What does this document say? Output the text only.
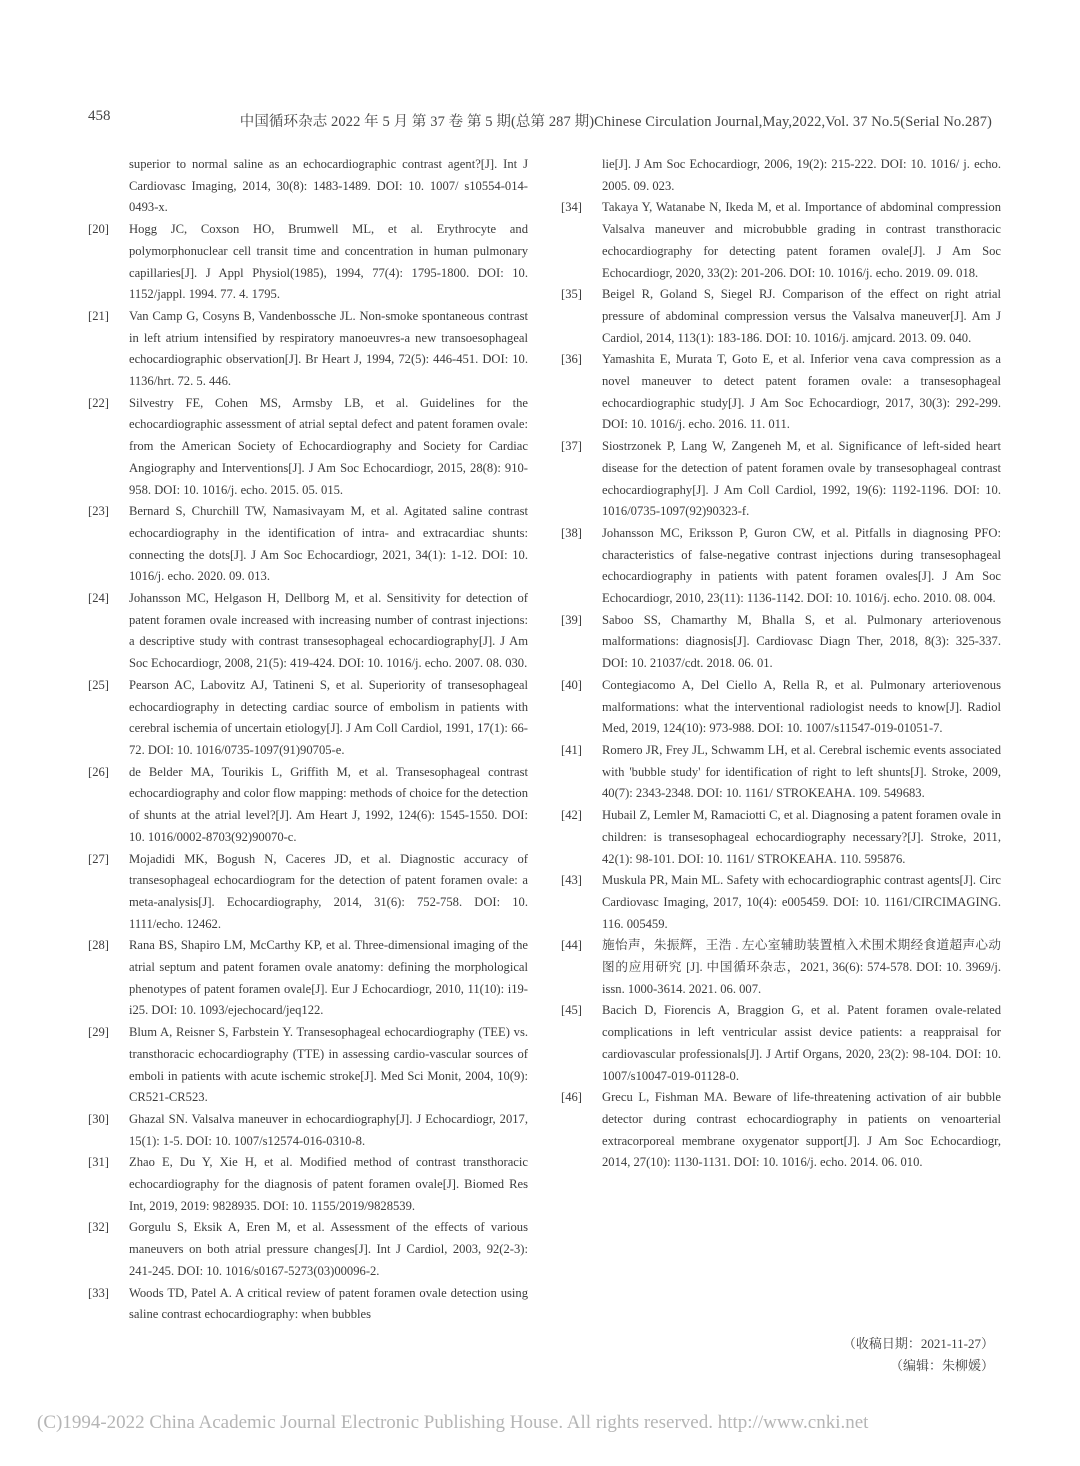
458	中国循环杂志 2022 年 5 月 第 37 卷 第 5 期(总第 287 期)Chinese Circulation Journal,May,2022,Vol. 37 No.5(Serial No.287)
superior to normal saline as an echocardiographic contrast agent?[J]. Int J Cardiovasc Imaging, 2014, 30(8): 1483-1489. DOI: 10. 1007/ s10554-014-0493-x.
[20] Hogg JC, Coxson HO, Brumwell ML, et al. Erythrocyte and polymorphonuclear cell transit time and concentration in human pulmonary capillaries[J]. J Appl Physiol(1985), 1994, 77(4): 1795-1800. DOI: 10. 1152/jappl. 1994. 77. 4. 1795.
[21] Van Camp G, Cosyns B, Vandenbossche JL. Non-smoke spontaneous contrast in left atrium intensified by respiratory manoeuvres-a new transoesophageal echocardiographic observation[J]. Br Heart J, 1994, 72(5): 446-451. DOI: 10. 1136/hrt. 72. 5. 446.
[22] Silvestry FE, Cohen MS, Armsby LB, et al. Guidelines for the echocardiographic assessment of atrial septal defect and patent foramen ovale: from the American Society of Echocardiography and Society for Cardiac Angiography and Interventions[J]. J Am Soc Echocardiogr, 2015, 28(8): 910-958. DOI: 10. 1016/j. echo. 2015. 05. 015.
[23] Bernard S, Churchill TW, Namasivayam M, et al. Agitated saline contrast echocardiography in the identification of intra- and extracardiac shunts: connecting the dots[J]. J Am Soc Echocardiogr, 2021, 34(1): 1-12. DOI: 10. 1016/j. echo. 2020. 09. 013.
[24] Johansson MC, Helgason H, Dellborg M, et al. Sensitivity for detection of patent foramen ovale increased with increasing number of contrast injections: a descriptive study with contrast transesophageal echocardiography[J]. J Am Soc Echocardiogr, 2008, 21(5): 419-424. DOI: 10. 1016/j. echo. 2007. 08. 030.
[25] Pearson AC, Labovitz AJ, Tatineni S, et al. Superiority of transesophageal echocardiography in detecting cardiac source of embolism in patients with cerebral ischemia of uncertain etiology[J]. J Am Coll Cardiol, 1991, 17(1): 66-72. DOI: 10. 1016/0735-1097(91)90705-e.
[26] de Belder MA, Tourikis L, Griffith M, et al. Transesophageal contrast echocardiography and color flow mapping: methods of choice for the detection of shunts at the atrial level?[J]. Am Heart J, 1992, 124(6): 1545-1550. DOI: 10. 1016/0002-8703(92)90070-c.
[27] Mojadidi MK, Bogush N, Caceres JD, et al. Diagnostic accuracy of transesophageal echocardiogram for the detection of patent foramen ovale: a meta-analysis[J]. Echocardiography, 2014, 31(6): 752-758. DOI: 10. 1111/echo. 12462.
[28] Rana BS, Shapiro LM, McCarthy KP, et al. Three-dimensional imaging of the atrial septum and patent foramen ovale anatomy: defining the morphological phenotypes of patent foramen ovale[J]. Eur J Echocardiogr, 2010, 11(10): i19-i25. DOI: 10. 1093/ejechocard/jeq122.
[29] Blum A, Reisner S, Farbstein Y. Transesophageal echocardiography (TEE) vs. transthoracic echocardiography (TTE) in assessing cardio-vascular sources of emboli in patients with acute ischemic stroke[J]. Med Sci Monit, 2004, 10(9): CR521-CR523.
[30] Ghazal SN. Valsalva maneuver in echocardiography[J]. J Echocardiogr, 2017, 15(1): 1-5. DOI: 10. 1007/s12574-016-0310-8.
[31] Zhao E, Du Y, Xie H, et al. Modified method of contrast transthoracic echocardiography for the diagnosis of patent foramen ovale[J]. Biomed Res Int, 2019, 2019: 9828935. DOI: 10. 1155/2019/9828539.
[32] Gorgulu S, Eksik A, Eren M, et al. Assessment of the effects of various maneuvers on both atrial pressure changes[J]. Int J Cardiol, 2003, 92(2-3): 241-245. DOI: 10. 1016/s0167-5273(03)00096-2.
[33] Woods TD, Patel A. A critical review of patent foramen ovale detection using saline contrast echocardiography: when bubbles
lie[J]. J Am Soc Echocardiogr, 2006, 19(2): 215-222. DOI: 10. 1016/ j. echo. 2005. 09. 023.
[34] Takaya Y, Watanabe N, Ikeda M, et al. Importance of abdominal compression Valsalva maneuver and microbubble grading in contrast transthoracic echocardiography for detecting patent foramen ovale[J]. J Am Soc Echocardiogr, 2020, 33(2): 201-206. DOI: 10. 1016/j. echo. 2019. 09. 018.
[35] Beigel R, Goland S, Siegel RJ. Comparison of the effect on right atrial pressure of abdominal compression versus the Valsalva maneuver[J]. Am J Cardiol, 2014, 113(1): 183-186. DOI: 10. 1016/j. amjcard. 2013. 09. 040.
[36] Yamashita E, Murata T, Goto E, et al. Inferior vena cava compression as a novel maneuver to detect patent foramen ovale: a transesophageal echocardiographic study[J]. J Am Soc Echocardiogr, 2017, 30(3): 292-299. DOI: 10. 1016/j. echo. 2016. 11. 011.
[37] Siostrzonek P, Lang W, Zangeneh M, et al. Significance of left-sided heart disease for the detection of patent foramen ovale by transesophageal contrast echocardiography[J]. J Am Coll Cardiol, 1992, 19(6): 1192-1196. DOI: 10. 1016/0735-1097(92)90323-f.
[38] Johansson MC, Eriksson P, Guron CW, et al. Pitfalls in diagnosing PFO: characteristics of false-negative contrast injections during transesophageal echocardiography in patients with patent foramen ovales[J]. J Am Soc Echocardiogr, 2010, 23(11): 1136-1142. DOI: 10. 1016/j. echo. 2010. 08. 004.
[39] Saboo SS, Chamarthy M, Bhalla S, et al. Pulmonary arteriovenous malformations: diagnosis[J]. Cardiovasc Diagn Ther, 2018, 8(3): 325-337. DOI: 10. 21037/cdt. 2018. 06. 01.
[40] Contegiacomo A, Del Ciello A, Rella R, et al. Pulmonary arteriovenous malformations: what the interventional radiologist needs to know[J]. Radiol Med, 2019, 124(10): 973-988. DOI: 10. 1007/s11547-019-01051-7.
[41] Romero JR, Frey JL, Schwamm LH, et al. Cerebral ischemic events associated with 'bubble study' for identification of right to left shunts[J]. Stroke, 2009, 40(7): 2343-2348. DOI: 10. 1161/ STROKEAHA. 109. 549683.
[42] Hubail Z, Lemler M, Ramaciotti C, et al. Diagnosing a patent foramen ovale in children: is transesophageal echocardiography necessary?[J]. Stroke, 2011, 42(1): 98-101. DOI: 10. 1161/ STROKEAHA. 110. 595876.
[43] Muskula PR, Main ML. Safety with echocardiographic contrast agents[J]. Circ Cardiovasc Imaging, 2017, 10(4): e005459. DOI: 10. 1161/CIRCIMAGING. 116. 005459.
[44] 施怡声，朱振辉，王浩 . 左心室辅助装置植入术围术期经食道超声心动图的应用研究 [J]. 中国循环杂志，2021, 36(6): 574-578. DOI: 10. 3969/j. issn. 1000-3614. 2021. 06. 007.
[45] Bacich D, Fiorencis A, Braggion G, et al. Patent foramen ovale-related complications in left ventricular assist device patients: a reappraisal for cardiovascular professionals[J]. J Artif Organs, 2020, 23(2): 98-104. DOI: 10. 1007/s10047-019-01128-0.
[46] Grecu L, Fishman MA. Beware of life-threatening activation of air bubble detector during contrast echocardiography in patients on venoarterial extracorporeal membrane oxygenator support[J]. J Am Soc Echocardiogr, 2014, 27(10): 1130-1131. DOI: 10. 1016/j. echo. 2014. 06. 010.
（收稿日期：2021-11-27）
（编辑：朱柳媛）
(C)1994-2022 China Academic Journal Electronic Publishing House. All rights reserved. http://www.cnki.net
